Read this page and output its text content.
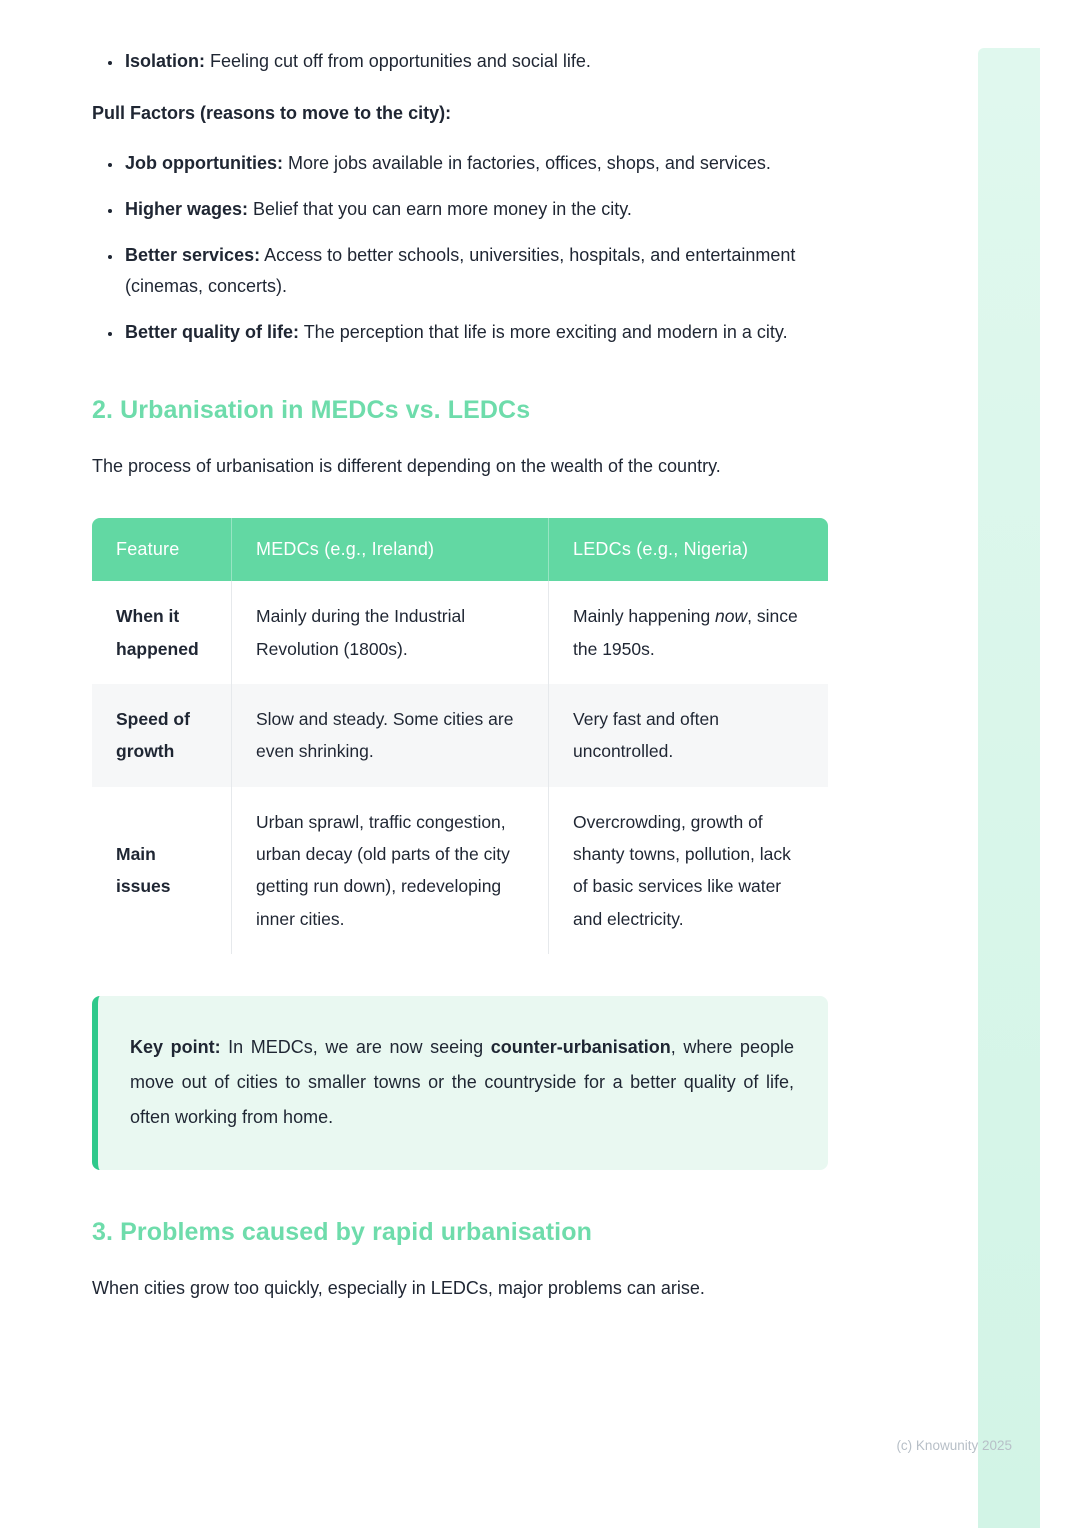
• Isolation: Feeling cut off from opportunities and social life.
Pull Factors (reasons to move to the city):
• Job opportunities: More jobs available in factories, offices, shops, and services.
• Higher wages: Belief that you can earn more money in the city.
• Better services: Access to better schools, universities, hospitals, and entertainment (cinemas, concerts).
• Better quality of life: The perception that life is more exciting and modern in a city.
2. Urbanisation in MEDCs vs. LEDCs

The process of urbanisation is different depending on the wealth of the country.

Feature	MEDCs (e.g., Ireland)	LEDCs (e.g., Nigeria)
When it happened	Mainly during the Industrial Revolution (1800s).	Mainly happening now, since the 1950s.
Speed of growth	Slow and steady. Some cities are even shrinking.	Very fast and often uncontrolled.
Main issues	Urban sprawl, traffic congestion, urban decay (old parts of the city getting run down), redeveloping inner cities.	Overcrowding, growth of shanty towns, pollution, lack of basic services like water and electricity.
Key point: In MEDCs, we are now seeing counter-urbanisation, where people move out of cities to smaller towns or the countryside for a better quality of life, often working from home.
3. Problems caused by rapid urbanisation

When cities grow too quickly, especially in LEDCs, major problems can arise.

(c) Knowunity 2025
